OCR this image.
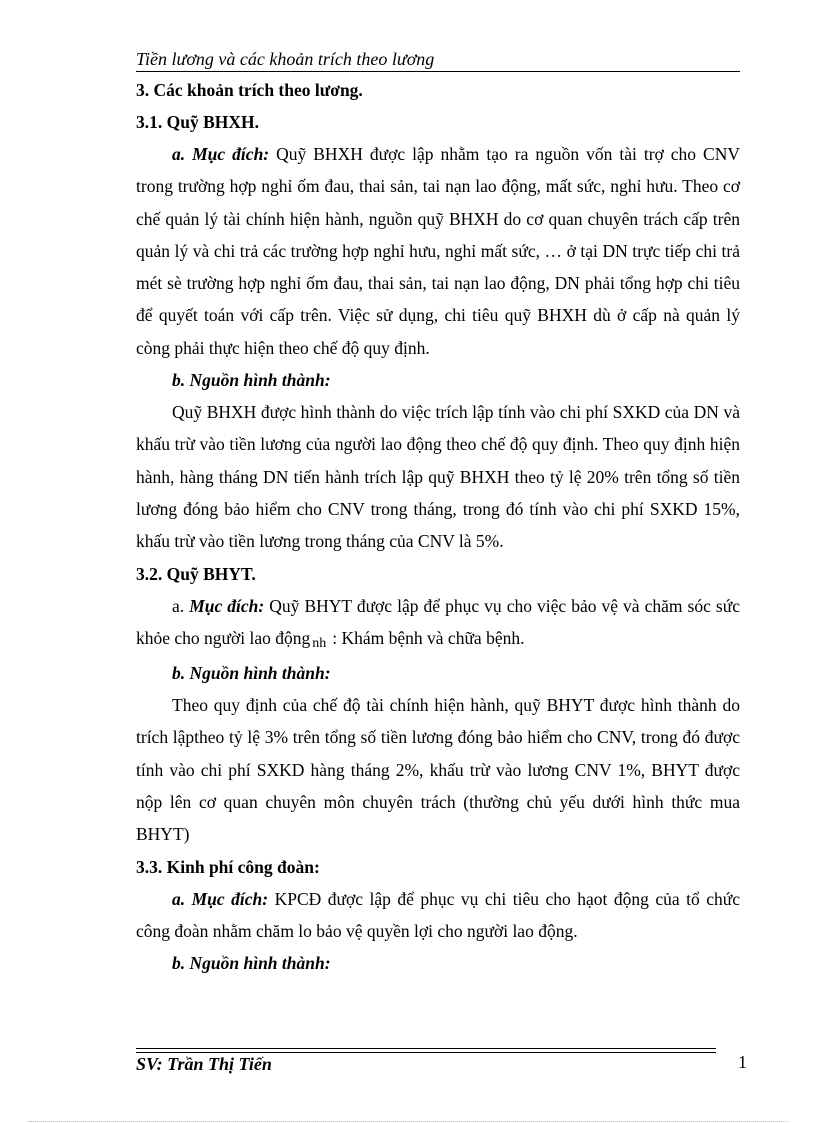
Tiền lương và các khoản trích theo lương

3. Các khoản trích theo lương.

3.1. Quỹ BHXH.

a. Mục đích: Quỹ BHXH được lập nhằm tạo ra nguồn vốn tài trợ cho CNV trong trường hợp nghỉ ốm đau, thai sản, tai nạn lao động, mất sức, nghỉ hưu. Theo cơ chế quản lý tài chính hiện hành, nguồn quỹ BHXH do cơ quan chuyên trách cấp trên quản lý và chi trả các trường hợp nghỉ hưu, nghỉ mất sức, … ở tại DN trực tiếp chi trả mét sè trường hợp nghỉ ốm đau, thai sản, tai nạn lao động, DN phải tổng hợp chi tiêu để quyết toán với cấp trên. Việc sử dụng, chi tiêu quỹ BHXH dù ở cấp nà quản lý còng phải thực hiện theo chế độ quy định.

b. Nguồn hình thành:

Quỹ BHXH được hình thành do việc trích lập tính vào chi phí SXKD của DN và khấu trừ vào tiền lương của người lao động theo chế độ quy định. Theo quy định hiện hành, hàng tháng DN tiến hành trích lập quỹ BHXH theo tỷ lệ 20% trên tổng số tiền lương đóng bảo hiểm cho CNV trong tháng, trong đó tính vào chi phí SXKD 15%, khấu trừ vào tiền lương trong tháng của CNV là 5%.

3.2. Quỹ BHYT.

a. Mục đích: Quỹ BHYT được lập để phục vụ cho việc bảo vệ và chăm sóc sức khỏe cho người lao động nh : Khám bệnh và chữa bệnh.

b. Nguồn hình thành:

Theo quy định của chế độ tài chính hiện hành, quỹ BHYT được hình thành do trích lậptheo tỷ lệ 3% trên tổng số tiền lương đóng bảo hiểm cho CNV, trong đó được tính vào chi phí SXKD hàng tháng 2%, khấu trừ vào lương CNV 1%, BHYT được nộp lên cơ quan chuyên môn chuyên trách (thường chủ yếu dưới hình thức mua BHYT)

3.3. Kinh phí công đoàn:

a. Mục đích: KPCĐ được lập để phục vụ chi tiêu cho hạot động của tổ chức công đoàn nhằm chăm lo bảo vệ quyền lợi cho người lao động.

b. Nguồn hình thành:

SV: Trần Thị Tiến	1
